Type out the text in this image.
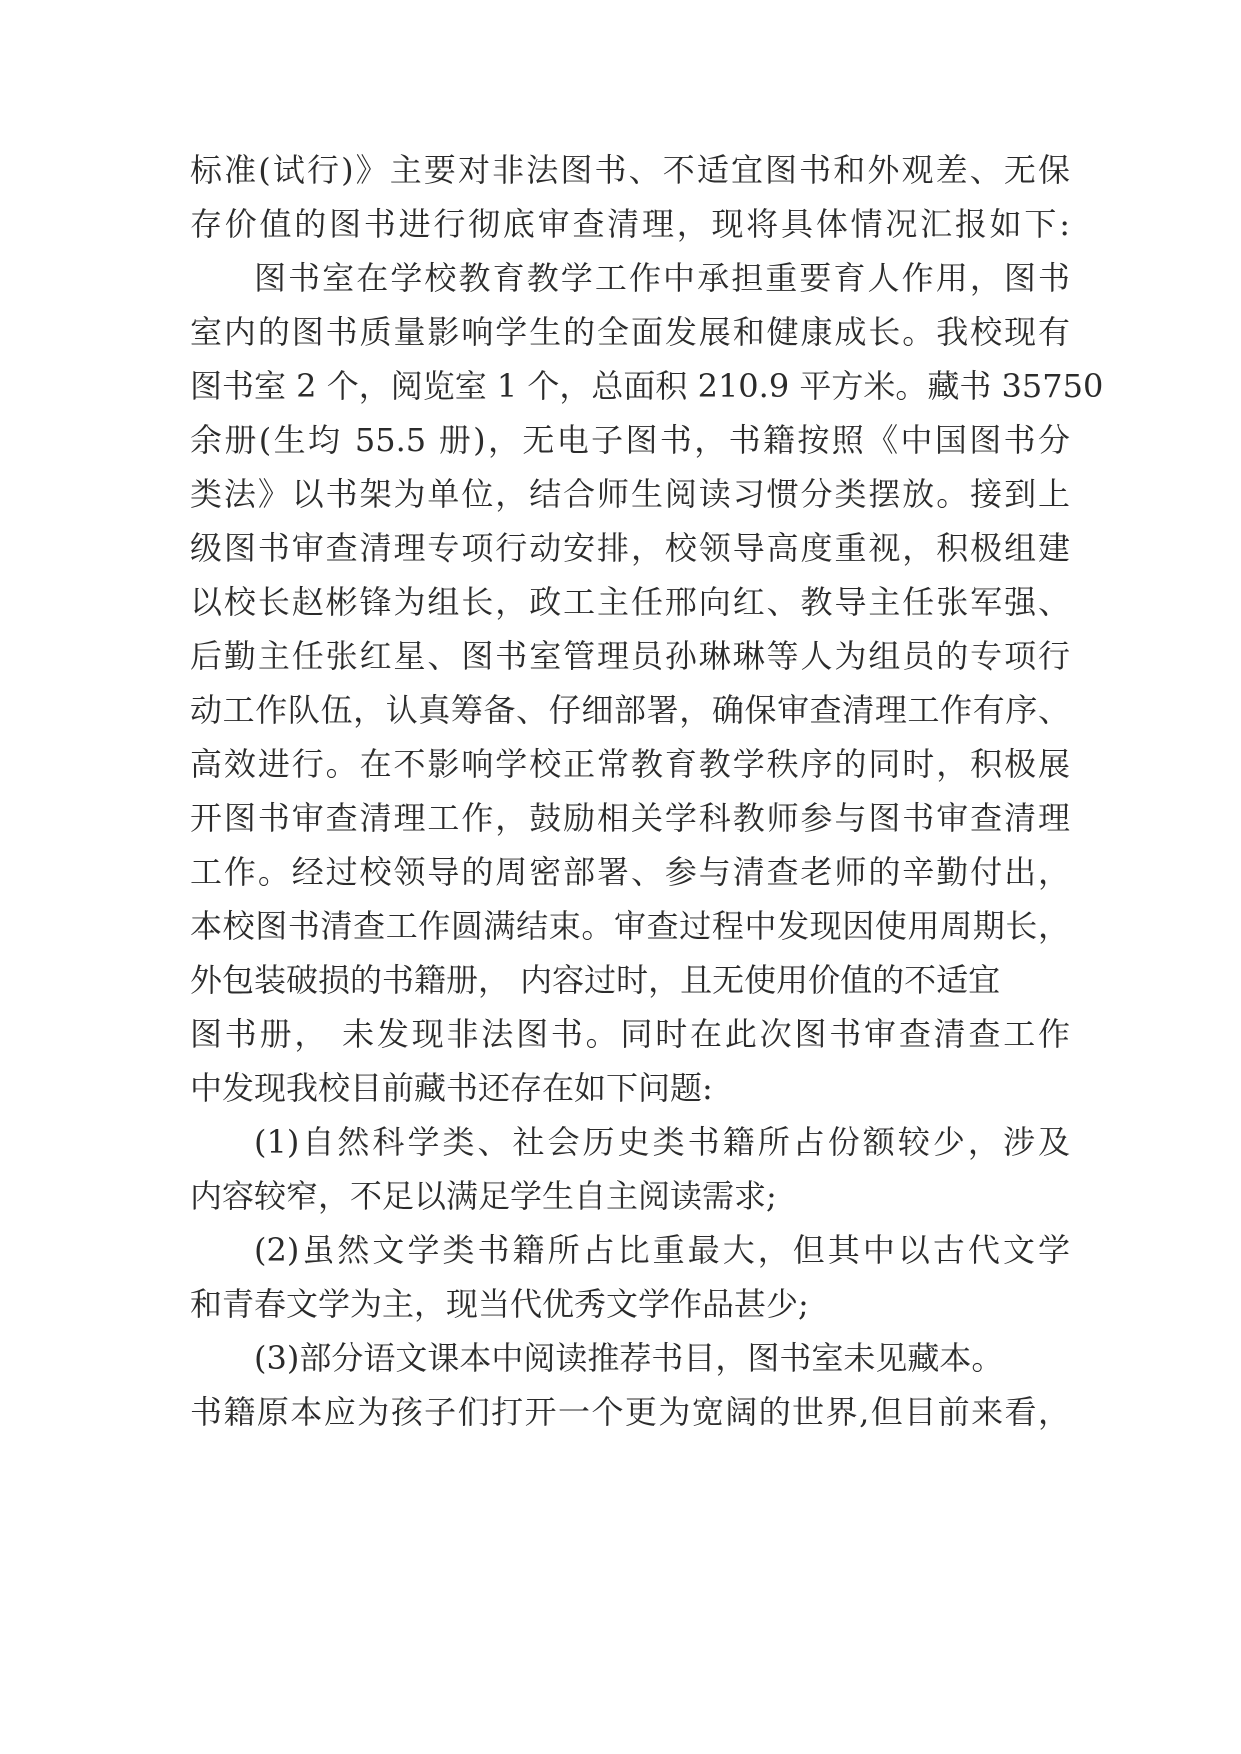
标准(试行)》主要对非法图书、不适宜图书和外观差、无保
存价值的图书进行彻底审查清理，现将具体情况汇报如下:
图书室在学校教育教学工作中承担重要育人作用，图书
室内的图书质量影响学生的全面发展和健康成长。我校现有
图书室 2 个，阅览室 1 个，总面积 210.9 平方米。藏书 35750
余册(生均 55.5 册)，无电子图书，书籍按照《中国图书分
类法》以书架为单位，结合师生阅读习惯分类摆放。接到上
级图书审查清理专项行动安排，校领导高度重视，积极组建
以校长赵彬锋为组长，政工主任邢向红、教导主任张军强、
后勤主任张红星、图书室管理员孙琳琳等人为组员的专项行
动工作队伍，认真筹备、仔细部署，确保审查清理工作有序、
高效进行。在不影响学校正常教育教学秩序的同时，积极展
开图书审查清理工作，鼓励相关学科教师参与图书审查清理
工作。经过校领导的周密部署、参与清查老师的辛勤付出，
本校图书清查工作圆满结束。审查过程中发现因使用周期长，
外包装破损的书籍册， 内容过时，且无使用价值的不适宜
图书册， 未发现非法图书。同时在此次图书审查清查工作
中发现我校目前藏书还存在如下问题:
(1)自然科学类、社会历史类书籍所占份额较少，涉及
内容较窄，不足以满足学生自主阅读需求;
(2)虽然文学类书籍所占比重最大，但其中以古代文学
和青春文学为主，现当代优秀文学作品甚少;
(3)部分语文课本中阅读推荐书目，图书室未见藏本。
书籍原本应为孩子们打开一个更为宽阔的世界,但目前来看，
